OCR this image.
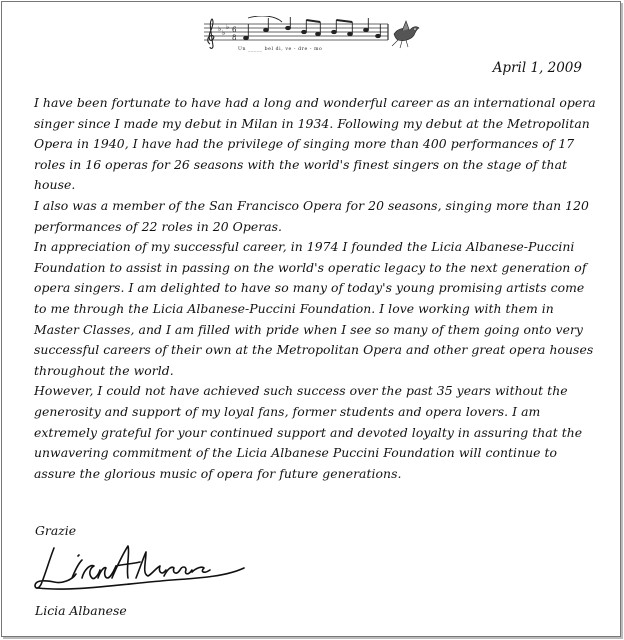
♭ ♭
♭ 6
8
Un _____ bel di, ve - dre - mo
April 1, 2009

I have been fortunate to have had a long and wonderful career as an international opera singer since I made my debut in Milan in 1934. Following my debut at the Metropolitan Opera in 1940, I have had the privilege of singing more than 400 performances of 17 roles in 16 operas for 26 seasons with the world's finest singers on the stage of that house.

I also was a member of the San Francisco Opera for 20 seasons, singing more than 120 performances of 22 roles in 20 Operas.

In appreciation of my successful career, in 1974 I founded the Licia Albanese-Puccini Foundation to assist in passing on the world's operatic legacy to the next generation of opera singers. I am delighted to have so many of today's young promising artists come to me through the Licia Albanese-Puccini Foundation. I love working with them in Master Classes, and I am filled with pride when I see so many of them going onto very successful careers of their own at the Metropolitan Opera and other great opera houses throughout the world.

However, I could not have achieved such success over the past 35 years without the generosity and support of my loyal fans, former students and opera lovers. I am extremely grateful for your continued support and devoted loyalty in assuring that the unwavering commitment of the Licia Albanese Puccini Foundation will continue to assure the glorious music of opera for future generations.

Grazie
Licia Albanese
